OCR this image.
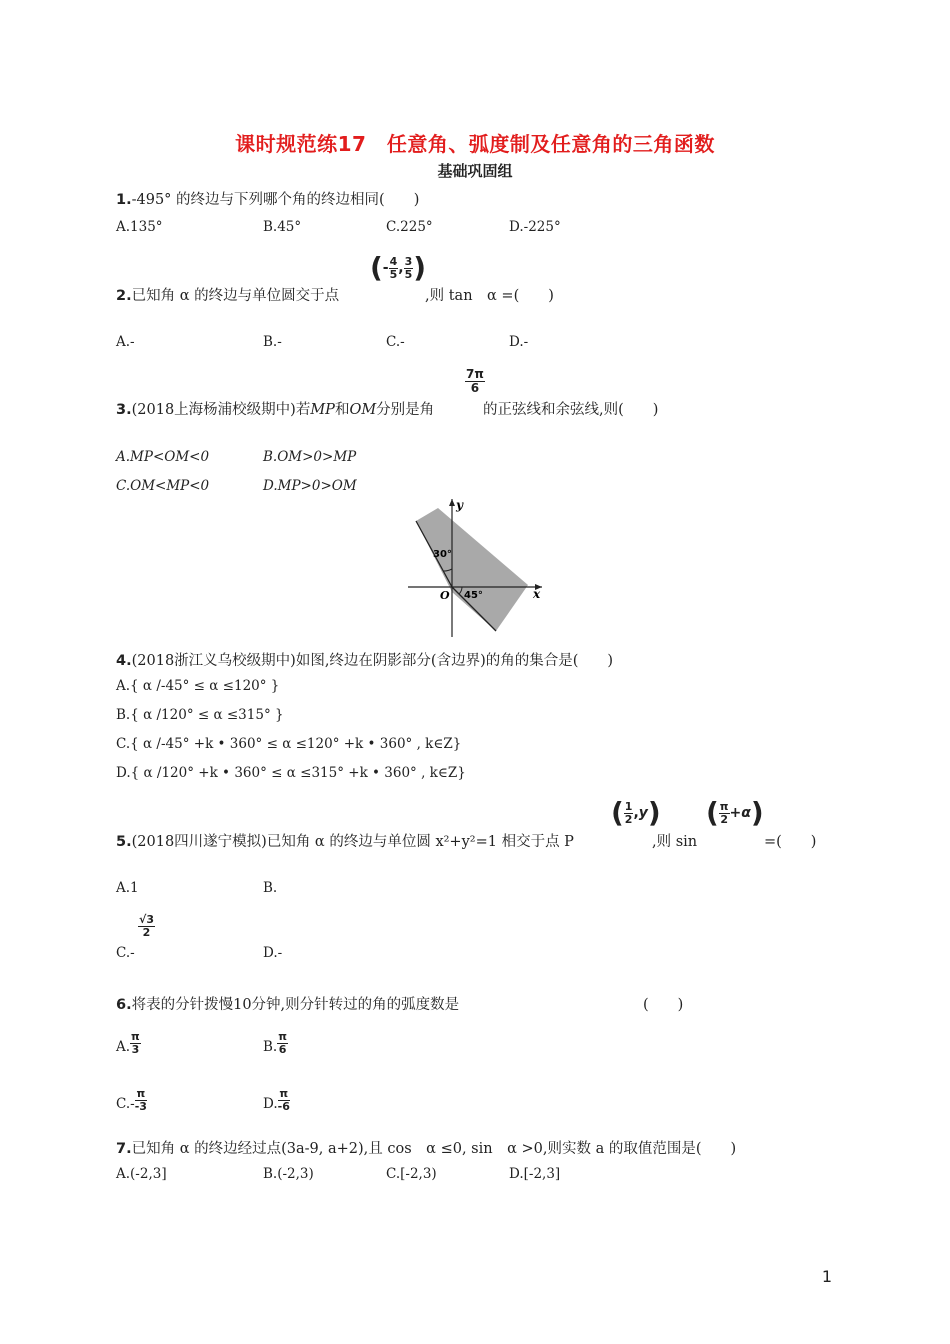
课时规范练17　任意角、弧度制及任意角的三角函数
基础巩固组
1.-495° 的终边与下列哪个角的终边相同(　　)
A.135°	B.45°	C.225°	D.-225°
2.已知角 α 的终边与单位圆交于点
(- $\frac{4}{5}$ , $\frac{3}{5}$ )
,则 tan　α =(　　)
A.-	B.-	C.-	D.-
3.(2018上海杨浦校级期中)若MP和OM分别是角
$\frac{7\pi}{6}$
的正弦线和余弦线,则(　　)
A.MP<OM<0	B.OM>0>MP
C.OM<MP<0	D.MP>0>OM
y
x
O
30°
45°
4.(2018浙江义乌校级期中)如图,终边在阴影部分(含边界)的角的集合是(　　)
A.{ α /-45° ≤ α ≤120° }
B.{ α /120° ≤ α ≤315° }
C.{ α /-45° +k • 360° ≤ α ≤120° +k • 360° , k∈Z}
D.{ α /120° +k • 360° ≤ α ≤315° +k • 360° , k∈Z}
5.(2018四川遂宁模拟)已知角 α 的终边与单位圆 x²+y²=1 相交于点 P
( $\frac{1}{2} ,y$)
,则 sin
( $\frac{\pi}{2} +\alpha$)
=(　　)
A.1	B.
$\frac{√3}{2}$
C.-	D.-
6.将表的分针拨慢10分钟,则分针转过的角的弧度数是	(　　)
A. $\frac{\pi}{3}$	B. $\frac{\pi}{6}$
$C.- \frac{\pi}{-3}$	D. $\frac{\pi}{-6}$
7.已知角 α 的终边经过点(3a-9, a+2),且 cos　α ≤0, sin　α >0,则实数 a 的取值范围是(　　)
A.(-2,3]	B.(-2,3)	C.[-2,3)	D.[-2,3]
1
